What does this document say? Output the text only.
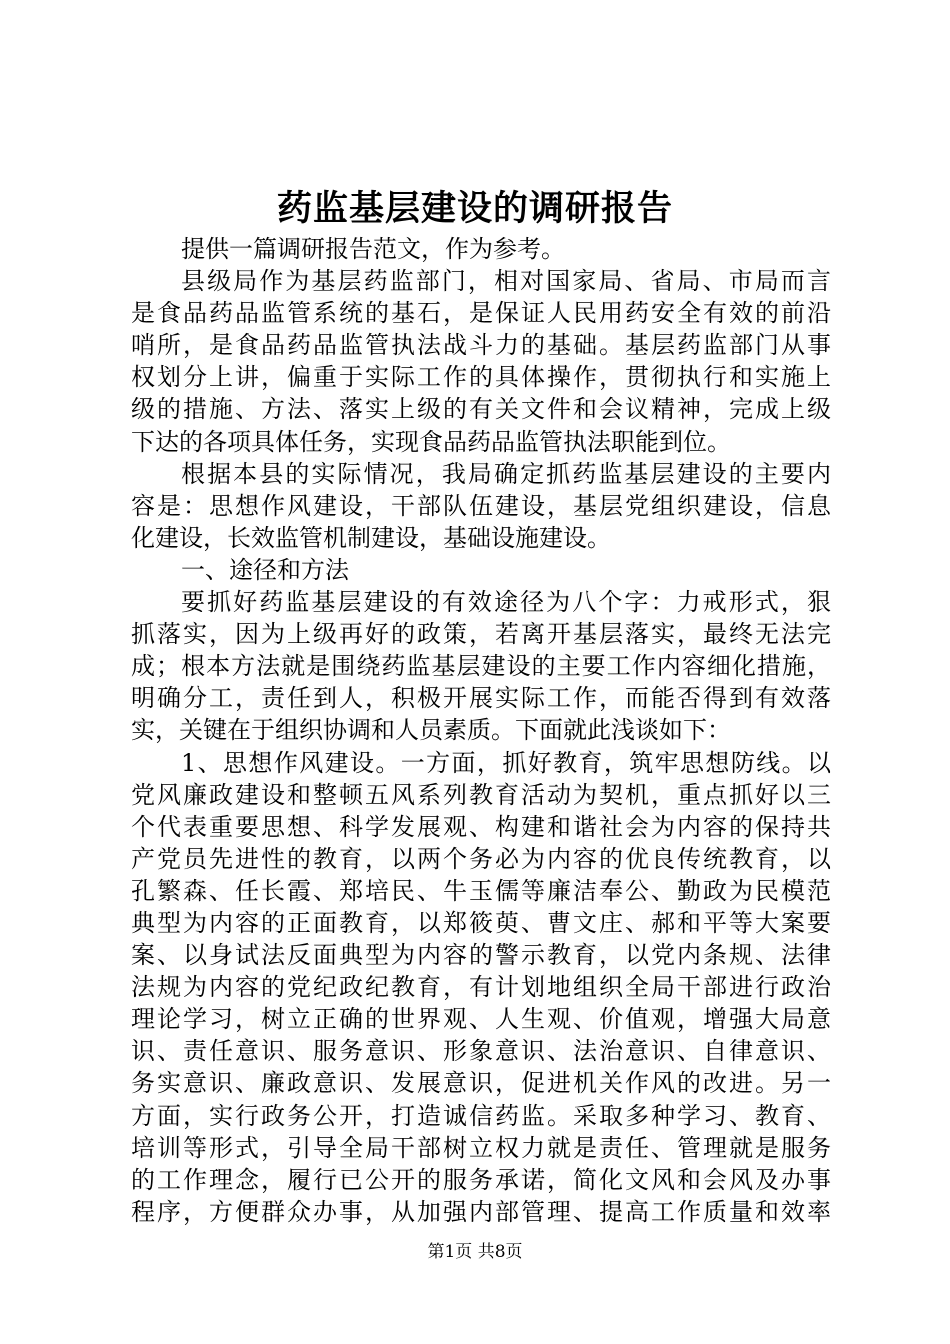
药监基层建设的调研报告
提供一篇调研报告范文，作为参考。
县级局作为基层药监部门，相对国家局、省局、市局而言
是食品药品监管系统的基石，是保证人民用药安全有效的前沿
哨所，是食品药品监管执法战斗力的基础。基层药监部门从事
权划分上讲，偏重于实际工作的具体操作，贯彻执行和实施上
级的措施、方法、落实上级的有关文件和会议精神，完成上级
下达的各项具体任务，实现食品药品监管执法职能到位。
根据本县的实际情况，我局确定抓药监基层建设的主要内
容是：思想作风建设，干部队伍建设，基层党组织建设，信息
化建设，长效监管机制建设，基础设施建设。
一、途径和方法
要抓好药监基层建设的有效途径为八个字：力戒形式，狠
抓落实，因为上级再好的政策，若离开基层落实，最终无法完
成；根本方法就是围绕药监基层建设的主要工作内容细化措施，
明确分工，责任到人，积极开展实际工作，而能否得到有效落
实，关键在于组织协调和人员素质。下面就此浅谈如下：
1、思想作风建设。一方面，抓好教育，筑牢思想防线。以
党风廉政建设和整顿五风系列教育活动为契机，重点抓好以三
个代表重要思想、科学发展观、构建和谐社会为内容的保持共
产党员先进性的教育，以两个务必为内容的优良传统教育，以
孔繁森、任长霞、郑培民、牛玉儒等廉洁奉公、勤政为民模范
典型为内容的正面教育，以郑筱萸、曹文庄、郝和平等大案要
案、以身试法反面典型为内容的警示教育，以党内条规、法律
法规为内容的党纪政纪教育，有计划地组织全局干部进行政治
理论学习，树立正确的世界观、人生观、价值观，增强大局意
识、责任意识、服务意识、形象意识、法治意识、自律意识、
务实意识、廉政意识、发展意识，促进机关作风的改进。另一
方面，实行政务公开，打造诚信药监。采取多种学习、教育、
培训等形式，引导全局干部树立权力就是责任、管理就是服务
的工作理念，履行已公开的服务承诺，简化文风和会风及办事
程序，方便群众办事，从加强内部管理、提高工作质量和效率
第1页 共8页
